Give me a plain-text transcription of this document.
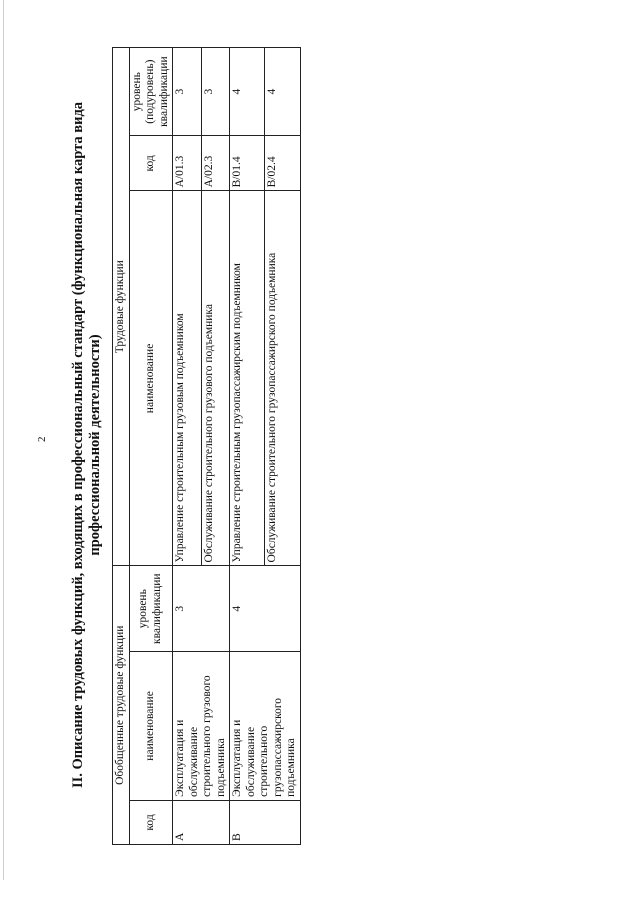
2 II. Описание трудовых функций, входящих в профессиональный стандарт (функциональная карта вида профессиональной деятельности)
Обобщенные трудовые функции			Трудовые функции		
код	наименование	уровень квалификации	наименование	код	уровень (подуровень) квалификации
A	Эксплуатация и обслуживание строительного грузового подъемника	3	Управление строительным грузовым подъемником	A/01.3	3
			Обслуживание строительного грузового подъемника	A/02.3	3
B	Эксплуатация и обслуживание строительного грузопассажирского подъемника	4	Управление строительным грузопассажирским подъемником	B/01.4	4
			Обслуживание строительного грузопассажирского подъемника	B/02.4	4
